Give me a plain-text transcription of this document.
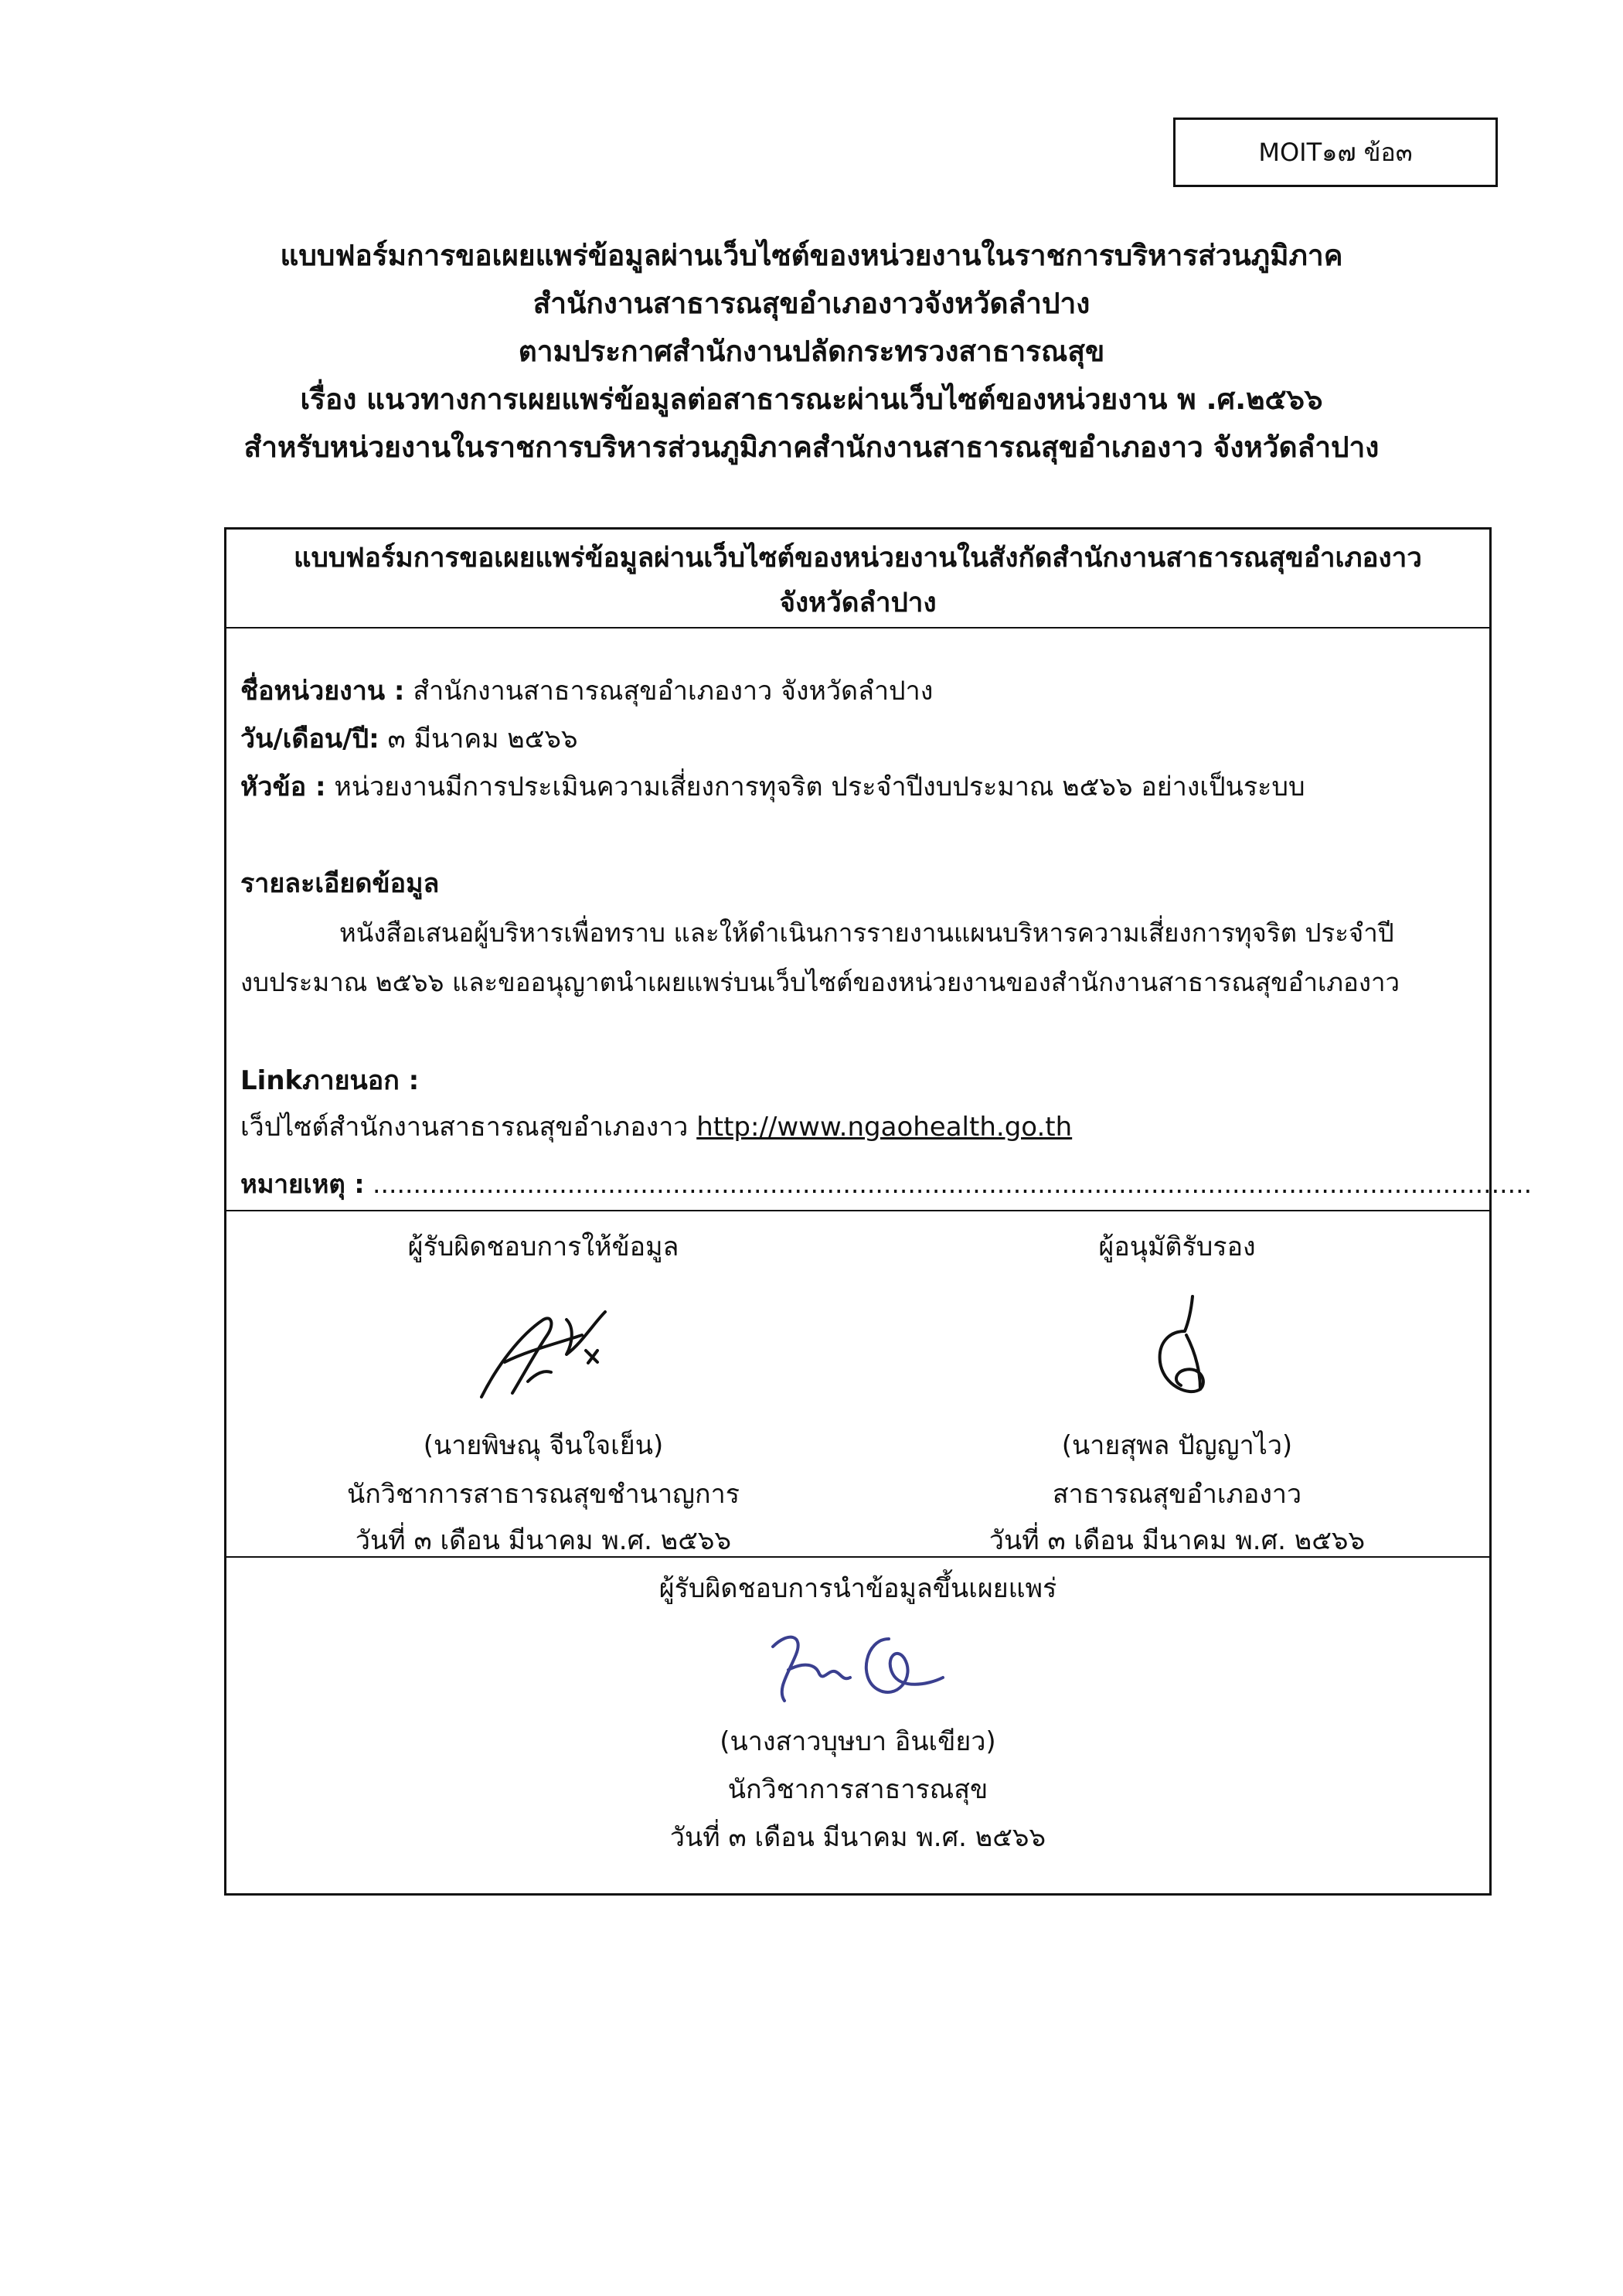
MOIT๑๗ ข้อ๓
แบบฟอร์มการขอเผยแพร่ข้อมูลผ่านเว็บไซต์ของหน่วยงานในราชการบริหารส่วนภูมิภาค
สำนักงานสาธารณสุขอำเภองาวจังหวัดลำปาง
ตามประกาศสำนักงานปลัดกระทรวงสาธารณสุข
เรื่อง แนวทางการเผยแพร่ข้อมูลต่อสาธารณะผ่านเว็บไซต์ของหน่วยงาน พ .ศ.๒๕๖๖
สำหรับหน่วยงานในราชการบริหารส่วนภูมิภาคสำนักงานสาธารณสุขอำเภองาว จังหวัดลำปาง
แบบฟอร์มการขอเผยแพร่ข้อมูลผ่านเว็บไซต์ของหน่วยงานในสังกัดสำนักงานสาธารณสุขอำเภองาว
จังหวัดลำปาง
ชื่อหน่วยงาน : สำนักงานสาธารณสุขอำเภองาว จังหวัดลำปาง
วัน/เดือน/ปี: ๓ มีนาคม ๒๕๖๖
หัวข้อ : หน่วยงานมีการประเมินความเสี่ยงการทุจริต ประจำปีงบประมาณ ๒๕๖๖ อย่างเป็นระบบ
รายละเอียดข้อมูล
หนังสือเสนอผู้บริหารเพื่อทราบ และให้ดำเนินการรายงานแผนบริหารความเสี่ยงการทุจริต ประจำปี
งบประมาณ ๒๕๖๖ และขออนุญาตนำเผยแพร่บนเว็บไซต์ของหน่วยงานของสำนักงานสาธารณสุขอำเภองาว
Linkภายนอก :
เว็ปไซต์สำนักงานสาธารณสุขอำเภองาว http://www.ngaohealth.go.th
หมายเหตุ : ...............................................................................................................................................
ผู้รับผิดชอบการให้ข้อมูล
(นายพิษณุ จีนใจเย็น)
นักวิชาการสาธารณสุขชำนาญการ
วันที่ ๓ เดือน มีนาคม พ.ศ. ๒๕๖๖
ผู้อนุมัติรับรอง
(นายสุพล ปัญญาไว)
สาธารณสุขอำเภองาว
วันที่ ๓ เดือน มีนาคม พ.ศ. ๒๕๖๖
ผู้รับผิดชอบการนำข้อมูลขึ้นเผยแพร่
(นางสาวบุษบา อินเขียว)
นักวิชาการสาธารณสุข
วันที่ ๓ เดือน มีนาคม พ.ศ. ๒๕๖๖
